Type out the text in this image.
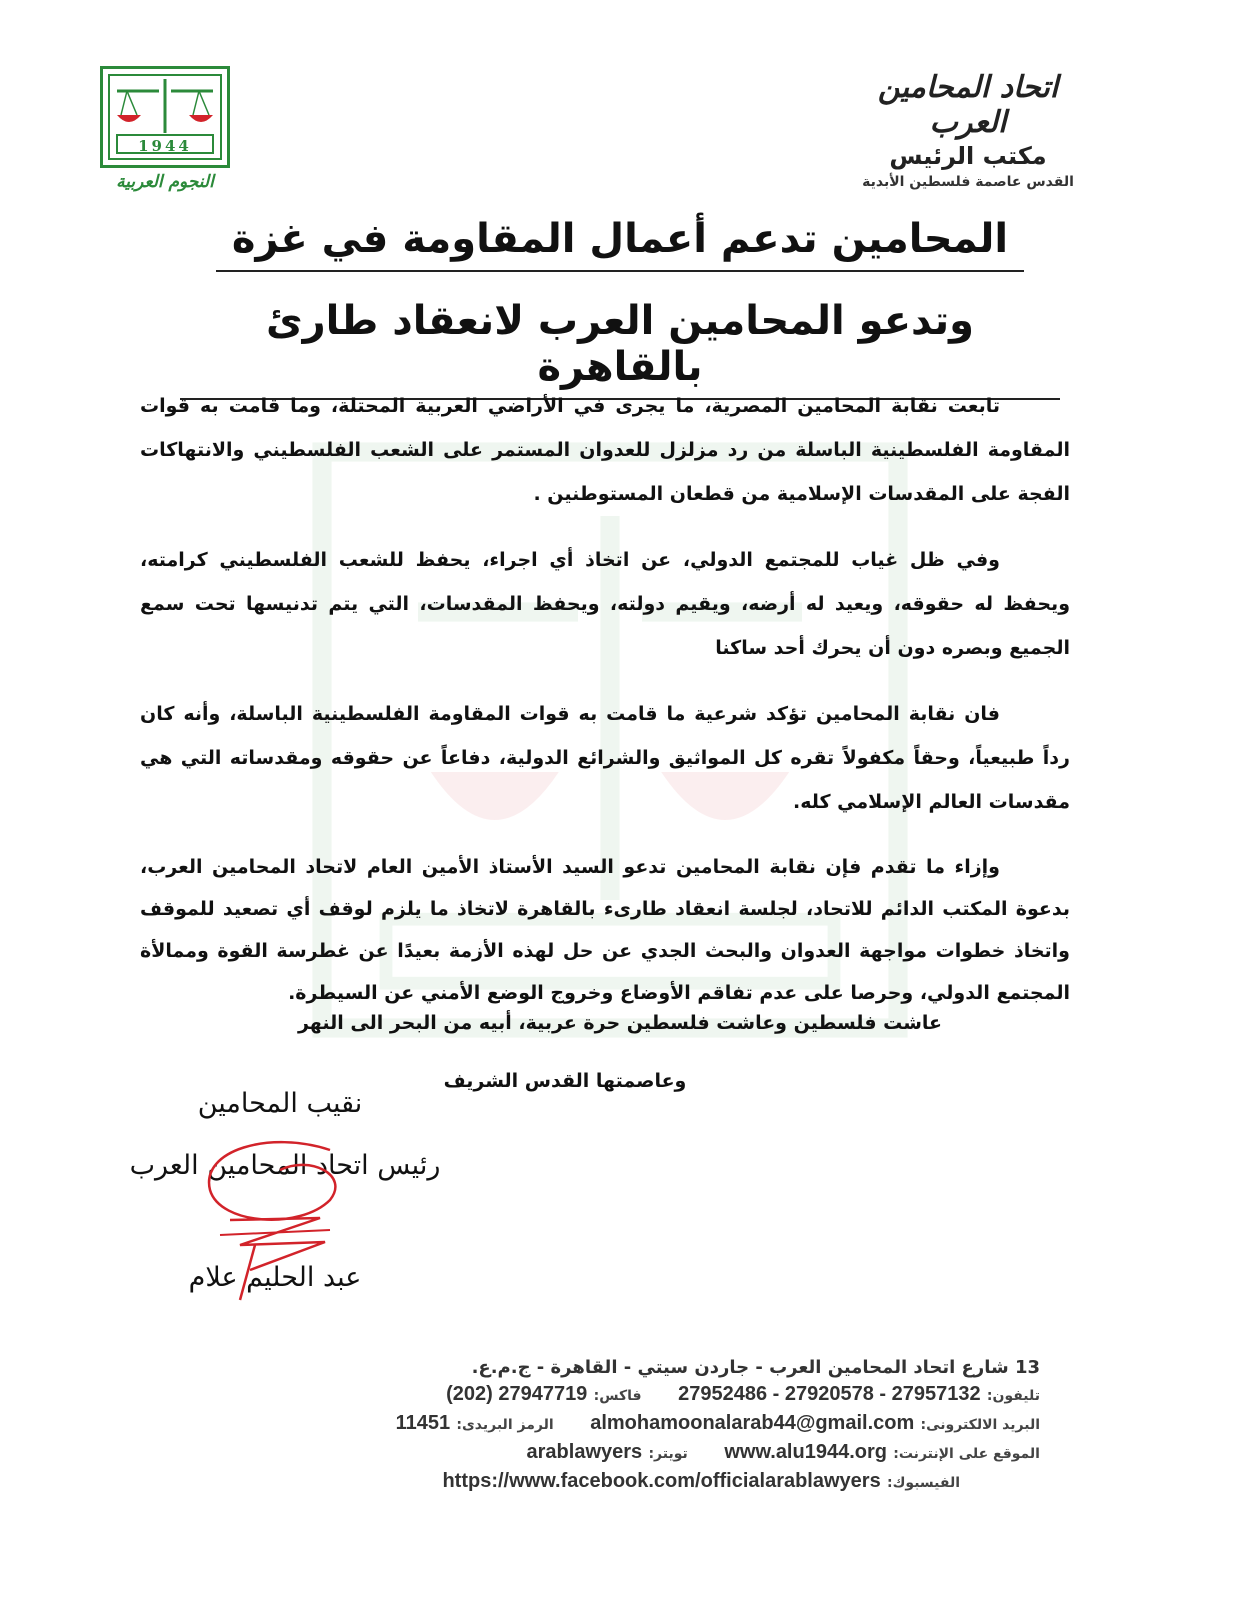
1944
النجوم العربية
اتحاد المحامين العرب
مكتب الرئيس
القدس عاصمة فلسطين الأبدية
المحامين تدعم أعمال المقاومة في غزة
وتدعو المحامين العرب لانعقاد طارئ بالقاهرة

تابعت نقابة المحامين المصرية، ما يجرى في الأراضي العربية المحتلة، وما قامت به قوات المقاومة الفلسطينية الباسلة من رد مزلزل للعدوان المستمر على الشعب الفلسطيني والانتهاكات الفجة على المقدسات الإسلامية من قطعان المستوطنين .

وفي ظل غياب للمجتمع الدولي، عن اتخاذ أي اجراء، يحفظ للشعب الفلسطيني كرامته، ويحفظ له حقوقه، ويعيد له أرضه، ويقيم دولته، ويحفظ المقدسات، التي يتم تدنيسها تحت سمع الجميع وبصره دون أن يحرك أحد ساكنا

فان نقابة المحامين تؤكد شرعية ما قامت به قوات المقاومة الفلسطينية الباسلة، وأنه كان رداً طبيعياً، وحقاً مكفولاً تقره كل المواثيق والشرائع الدولية، دفاعاً عن حقوقه ومقدساته التي هي مقدسات العالم الإسلامي كله.

وإزاء ما تقدم فإن نقابة المحامين تدعو السيد الأستاذ الأمين العام لاتحاد المحامين العرب، بدعوة المكتب الدائم للاتحاد، لجلسة انعقاد طارىء بالقاهرة لاتخاذ ما يلزم لوقف أي تصعيد للموقف واتخاذ خطوات مواجهة العدوان والبحث الجدي عن حل لهذه الأزمة بعيدًا عن غطرسة القوة وممالأة المجتمع الدولي، وحرصا على عدم تفاقم الأوضاع وخروج الوضع الأمني عن السيطرة.

عاشت فلسطين وعاشت فلسطين حرة عربية، أبيه من البحر الى النهر
وعاصمتها القدس الشريف
نقيب المحامين
رئيس اتحاد المحامين العرب
عبد الحليم علام
13 شارع اتحاد المحامين العرب - جاردن سيتي - القاهرة - ج.م.ع.
تليفون: 27952486 - 27920578 - 27957132  فاكس: (202) 27947719
البريد الالكترونى: almohamoonalarab44@gmail.com  الرمز البريدى: 11451
الموقع على الإنترنت: www.alu1944.org  تويتر: arablawyers
الفيسبوك: https://www.facebook.com/officialarablawyers
